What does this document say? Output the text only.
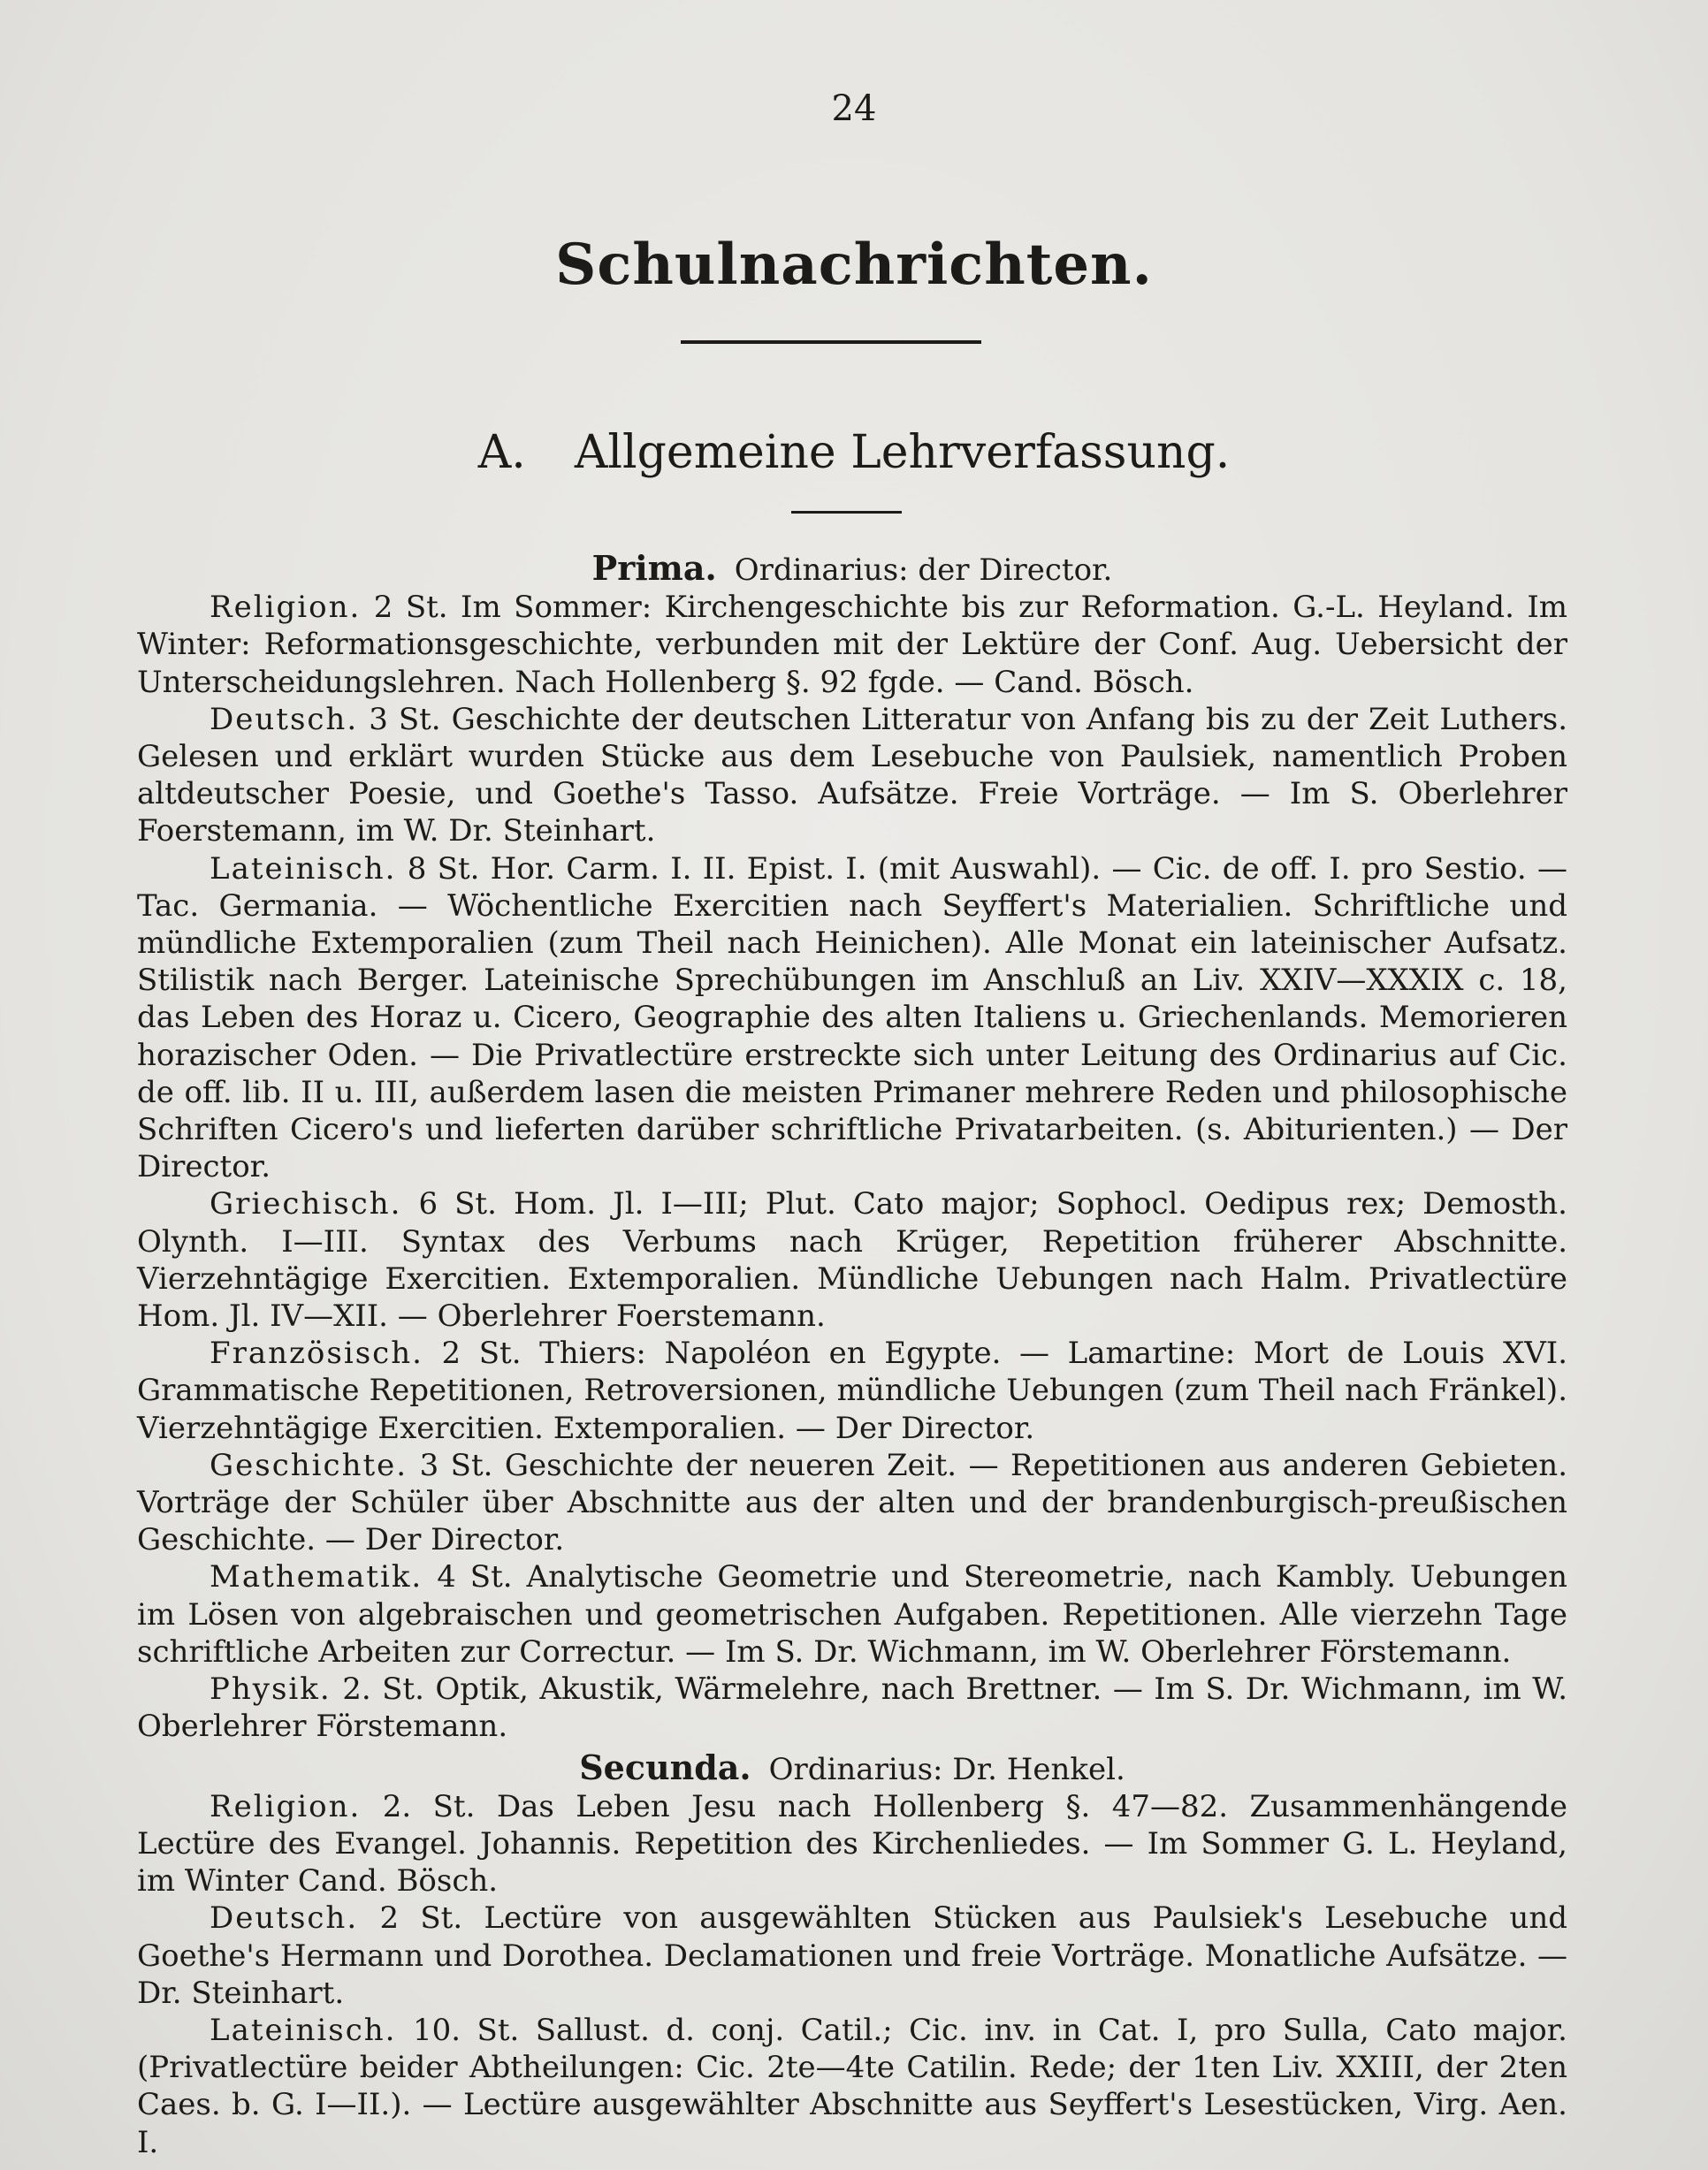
24
Schulnachrichten.
A. Allgemeine Lehrverfassung.
Prima. Ordinarius: der Director.

Religion. 2 St. Im Sommer: Kirchengeschichte bis zur Reformation. G.-L. Heyland. Im Winter: Reformationsgeschichte, verbunden mit der Lektüre der Conf. Aug. Uebersicht der Unterscheidungslehren. Nach Hollenberg §. 92 fgde. — Cand. Bösch.

Deutsch. 3 St. Geschichte der deutschen Litteratur von Anfang bis zu der Zeit Luthers. Gelesen und erklärt wurden Stücke aus dem Lesebuche von Paulsiek, namentlich Proben altdeutscher Poesie, und Goethe's Tasso. Aufsätze. Freie Vorträge. — Im S. Oberlehrer Foerstemann, im W. Dr. Steinhart.

Lateinisch. 8 St. Hor. Carm. I. II. Epist. I. (mit Auswahl). — Cic. de off. I. pro Sestio. — Tac. Germania. — Wöchentliche Exercitien nach Seyffert's Materialien. Schriftliche und mündliche Extemporalien (zum Theil nach Heinichen). Alle Monat ein lateinischer Aufsatz. Stilistik nach Berger. Lateinische Sprechübungen im Anschluß an Liv. XXIV—XXXIX c. 18, das Leben des Horaz u. Cicero, Geographie des alten Italiens u. Griechenlands. Memorieren horazischer Oden. — Die Privatlectüre erstreckte sich unter Leitung des Ordinarius auf Cic. de off. lib. II u. III, außerdem lasen die meisten Primaner mehrere Reden und philosophische Schriften Cicero's und lieferten darüber schriftliche Privatarbeiten. (s. Abiturienten.) — Der Director.

Griechisch. 6 St. Hom. Jl. I—III; Plut. Cato major; Sophocl. Oedipus rex; Demosth. Olynth. I—III. Syntax des Verbums nach Krüger, Repetition früherer Abschnitte. Vierzehntägige Exercitien. Extemporalien. Mündliche Uebungen nach Halm. Privatlectüre Hom. Jl. IV—XII. — Oberlehrer Foerstemann.

Französisch. 2 St. Thiers: Napoléon en Egypte. — Lamartine: Mort de Louis XVI. Grammatische Repetitionen, Retroversionen, mündliche Uebungen (zum Theil nach Fränkel). Vierzehntägige Exercitien. Extemporalien. — Der Director.

Geschichte. 3 St. Geschichte der neueren Zeit. — Repetitionen aus anderen Gebieten. Vorträge der Schüler über Abschnitte aus der alten und der brandenburgisch-preußischen Geschichte. — Der Director.

Mathematik. 4 St. Analytische Geometrie und Stereometrie, nach Kambly. Uebungen im Lösen von algebraischen und geometrischen Aufgaben. Repetitionen. Alle vierzehn Tage schriftliche Arbeiten zur Correctur. — Im S. Dr. Wichmann, im W. Oberlehrer Förstemann.

Physik. 2. St. Optik, Akustik, Wärmelehre, nach Brettner. — Im S. Dr. Wichmann, im W. Oberlehrer Förstemann.

Secunda. Ordinarius: Dr. Henkel.

Religion. 2. St. Das Leben Jesu nach Hollenberg §. 47—82. Zusammenhängende Lectüre des Evangel. Johannis. Repetition des Kirchenliedes. — Im Sommer G. L. Heyland, im Winter Cand. Bösch.

Deutsch. 2 St. Lectüre von ausgewählten Stücken aus Paulsiek's Lesebuche und Goethe's Hermann und Dorothea. Declamationen und freie Vorträge. Monatliche Aufsätze. — Dr. Steinhart.

Lateinisch. 10. St. Sallust. d. conj. Catil.; Cic. inv. in Cat. I, pro Sulla, Cato major. (Privatlectüre beider Abtheilungen: Cic. 2te—4te Catilin. Rede; der 1ten Liv. XXIII, der 2ten Caes. b. G. I—II.). — Lectüre ausgewählter Abschnitte aus Seyffert's Lesestücken, Virg. Aen. I.
